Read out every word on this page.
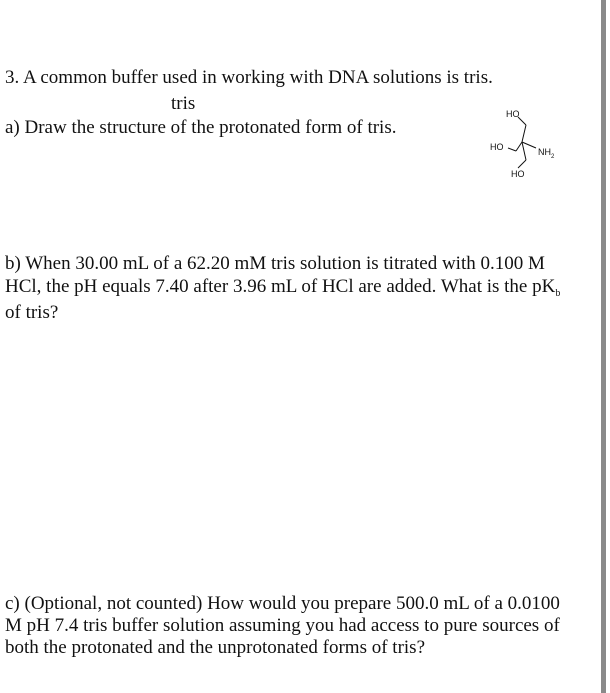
3. A common buffer used in working with DNA solutions is tris.
tris
a) Draw the structure of the protonated form of tris.
HO
HO
HO
$NH_2$
b) When 30.00 mL of a 62.20 mM tris solution is titrated with 0.100 M HCl, the pH equals 7.40 after 3.96 mL of HCl are added. What is the $pK_b$ of tris?
c) (Optional, not counted) How would you prepare 500.0 mL of a 0.0100 M pH 7.4 tris buffer solution assuming you had access to pure sources of both the protonated and the unprotonated forms of tris?
